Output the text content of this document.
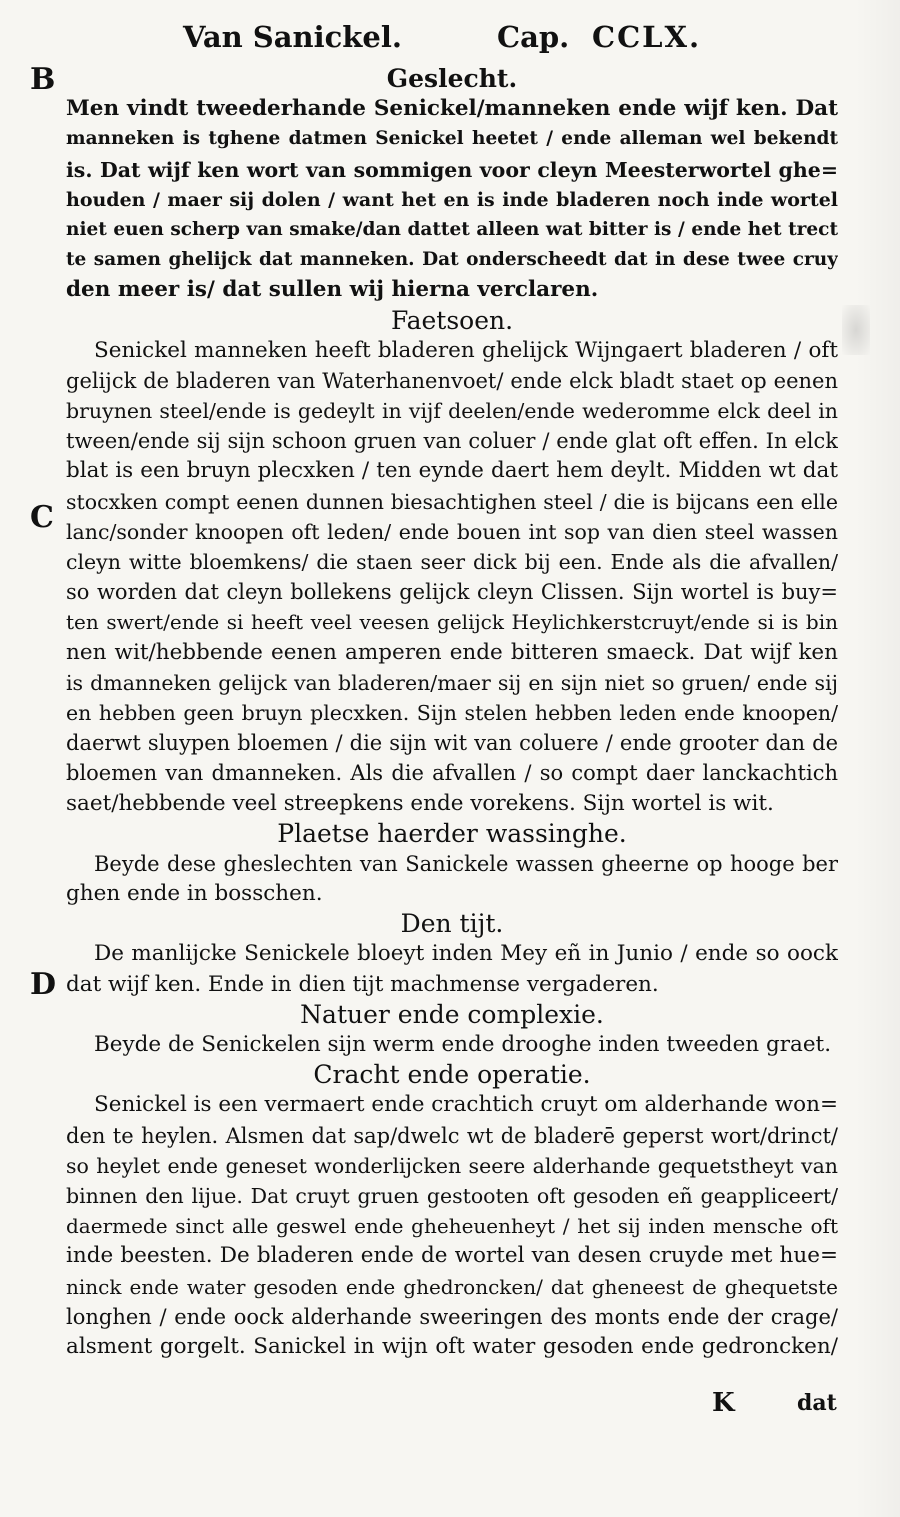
Van Sanickel.	Cap. CCLX.
B
C
D
Geslecht.
Men vindt tweederhande Senickel/manneken ende wijf ken. Dat
manneken is tghene datmen Senickel heetet / ende alleman wel bekendt
is. Dat wijf ken wort van sommigen voor cleyn Meesterwortel ghe=
houden / maer sij dolen / want het en is inde bladeren noch inde wortel
niet euen scherp van smake/dan dattet alleen wat bitter is / ende het trect
te samen ghelijck dat manneken. Dat onderscheedt dat in dese twee cruy
den meer is/ dat sullen wij hierna verclaren.
Faetsoen.
Senickel manneken heeft bladeren ghelijck Wijngaert bladeren / oft
gelijck de bladeren van Waterhanenvoet/ ende elck bladt staet op eenen
bruynen steel/ende is gedeylt in vijf deelen/ende wederomme elck deel in
tween/ende sij sijn schoon gruen van coluer / ende glat oft effen. In elck
blat is een bruyn plecxken / ten eynde daert hem deylt. Midden wt dat
stocxken compt eenen dunnen biesachtighen steel / die is bijcans een elle
lanc/sonder knoopen oft leden/ ende bouen int sop van dien steel wassen
cleyn witte bloemkens/ die staen seer dick bij een. Ende als die afvallen/
so worden dat cleyn bollekens gelijck cleyn Clissen. Sijn wortel is buy=
ten swert/ende si heeft veel veesen gelijck Heylichkerstcruyt/ende si is bin
nen wit/hebbende eenen amperen ende bitteren smaeck. Dat wijf ken
is dmanneken gelijck van bladeren/maer sij en sijn niet so gruen/ ende sij
en hebben geen bruyn plecxken. Sijn stelen hebben leden ende knoopen/
daerwt sluypen bloemen / die sijn wit van coluere / ende grooter dan de
bloemen van dmanneken. Als die afvallen / so compt daer lanckachtich
saet/hebbende veel streepkens ende vorekens. Sijn wortel is wit.
Plaetse haerder wassinghe.
Beyde dese gheslechten van Sanickele wassen gheerne op hooge ber
ghen ende in bosschen.
Den tijt.
De manlijcke Senickele bloeyt inden Mey eñ in Junio / ende so oock
dat wijf ken. Ende in dien tijt machmense vergaderen.
Natuer ende complexie.
Beyde de Senickelen sijn werm ende drooghe inden tweeden graet.
Cracht ende operatie.
Senickel is een vermaert ende crachtich cruyt om alderhande won=
den te heylen. Alsmen dat sap/dwelc wt de bladerē geperst wort/drinct/
so heylet ende geneset wonderlijcken seere alderhande gequetstheyt van
binnen den lijue. Dat cruyt gruen gestooten oft gesoden eñ geappliceert/
daermede sinct alle geswel ende gheheuenheyt / het sij inden mensche oft
inde beesten. De bladeren ende de wortel van desen cruyde met hue=
ninck ende water gesoden ende ghedroncken/ dat gheneest de ghequetste
longhen / ende oock alderhande sweeringen des monts ende der crage/
alsment gorgelt. Sanickel in wijn oft water gesoden ende gedroncken/
K	dat
